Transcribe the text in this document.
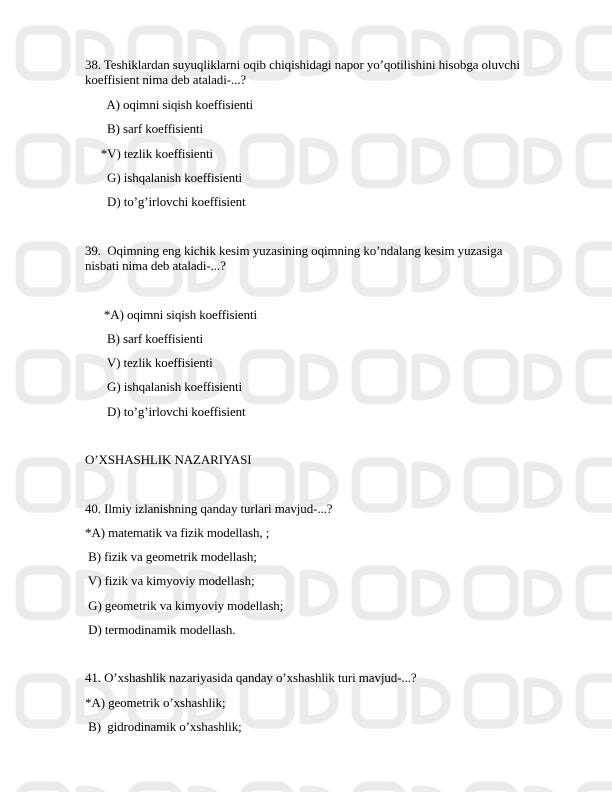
38. Teshiklardan suyuqliklarni oqib chiqishidagi napor yo’qotilishini hisobga oluvchi
koeffisient nima deb ataladi-...?
A) oqimni siqish koeffisienti
B) sarf koeffisienti
*V) tezlik koeffisienti
G) ishqalanish koeffisienti
D) to’g’irlovchi koeffisient
39.  Oqimning eng kichik kesim yuzasining oqimning ko’ndalang kesim yuzasiga
nisbati nima deb ataladi-...?
*A) oqimni siqish koeffisienti
B) sarf koeffisienti
V) tezlik koeffisienti
G) ishqalanish koeffisienti
D) to’g’irlovchi koeffisient
O’XSHASHLIK NAZARIYASI
40. Ilmiy izlanishning qanday turlari mavjud-...?
*A) matematik va fizik modellash, ;
B) fizik va geometrik modellash;
V) fizik va kimyoviy modellash;
G) geometrik va kimyoviy modellash;
D) termodinamik modellash.
41. O’xshashlik nazariyasida qanday o’xshashlik turi mavjud-...?
*A) geometrik o’xshashlik;
B)  gidrodinamik o’xshashlik;
